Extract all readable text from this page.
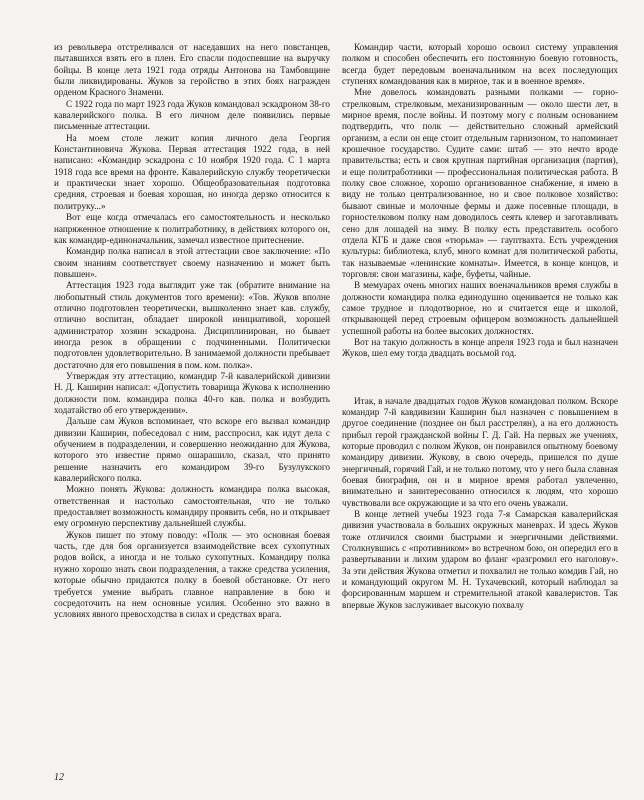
из револьвера отстреливался от наседавших на него повстанцев, пытавшихся взять его в плен. Его спасли подоспевшие на выручку бойцы. В конце лета 1921 года отряды Антонова на Тамбовщине были ликвидированы. Жуков за геройство в этих боях награжден орденом Красного Знамени.

С 1922 года по март 1923 года Жуков командовал эскадроном 38-го кавалерийского полка. В его личном деле появились первые письменные аттестации.

На моем столе лежит копия личного дела Георгия Константиновича Жукова. Первая аттестация 1922 года, в ней написано: «Командир эскадрона с 10 ноября 1920 года. С 1 марта 1918 года все время на фронте. Кавалерийскую службу теоретически и практически знает хорошо. Общеобразовательная подготовка средняя, строевая и боевая хорошая, но иногда дерзко относится к политруку...»

Вот еще когда отмечалась его самостоятельность и несколько напряженное отношение к политработнику, в действиях которого он, как командир-единоначальник, замечал известное притеснение.

Командир полка написал в этой аттестации свое заключение: «По своим знаниям соответствует своему назначению и может быть повышен».

Аттестация 1923 года выглядит уже так (обратите внимание на любопытный стиль документов того времени): «Тов. Жуков вполне отлично подготовлен теоретически, вышколенно знает кав. службу, отлично воспитан, обладает широкой инициативой, хорошей администратор хозяин эскадрона. Дисциплинирован, но бывает иногда резок в обращении с подчиненными. Политически подготовлен удовлетворительно. В занимаемой должности пребывает достаточно для его повышения в пом. ком. полка».

Утверждая эту аттестацию, командир 7-й кавалерийской дивизии Н. Д. Каширин написал: «Допустить товарища Жукова к исполнению должности пом. командира полка 40-го кав. полка и возбудить ходатайство об его утверждении».

Дальше сам Жуков вспоминает, что вскоре его вызвал командир дивизии Каширин, побеседовал с ним, расспросил, как идут дела с обучением в подразделении, и совершенно неожиданно для Жукова, которого это известие прямо ошарашило, сказал, что принято решение назначить его командиром 39-го Бузулукского кавалерийского полка.

Можно понять Жукова: должность командира полка высокая, ответственная и настолько самостоятельная, что не только предоставляет возможность командиру проявить себя, но и открывает ему огромную перспективу дальнейшей службы.

Жуков пишет по этому поводу: «Полк — это основная боевая часть, где для боя организуется взаимодействие всех сухопутных родов войск, а иногда и не только сухопутных. Командиру полка нужно хорошо знать свои подразделения, а также средства усиления, которые обычно придаются полку в боевой обстановке. От него требуется умение выбрать главное направление в бою и сосредоточить на нем основные усилия. Особенно это важно в условиях явного превосходства в силах и средствах врага.

Командир части, который хорошо освоил систему управления полком и способен обеспечить его постоянную боевую готовность, всегда будет передовым военачальником на всех последующих ступенях командования как в мирное, так и в военное время».

Мне довелось командовать разными полками — горно-стрелковым, стрелковым, механизированным — около шести лет, в мирное время, после войны. И поэтому могу с полным основанием подтвердить, что полк — действительно сложный армейский организм, а если он еще стоит отдельным гарнизоном, то напоминает крошечное государство. Судите сами: штаб — это нечто вроде правительства; есть и своя крупная партийная организация (партия), и еще политработники — профессиональная политическая работа. В полку свое сложное, хорошо организованное снабжение, я имею в виду не только централизованное, но и свое полковое хозяйство: бывают свиные и молочные фермы и даже посевные площади, в горностелковом полку нам доводилось сеять клевер и заготавливать сено для лошадей на зиму. В полку есть представитель особого отдела КГБ и даже своя «тюрьма» — гауптвахта. Есть учреждения культуры: библиотека, клуб, много комнат для политической работы, так называемые «ленинские комнаты». Имеется, в конце концов, и торговля: свои магазины, кафе, буфеты, чайные.

В мемуарах очень многих наших военачальников время службы в должности командира полка единодушно оценивается не только как самое трудное и плодотворное, но и считается еще и школой, открывающей перед строевым офицером возможность дальнейшей успешной работы на более высоких должностях.

Вот на такую должность в конце апреля 1923 года и был назначен Жуков, шел ему тогда двадцать восьмой год.

Итак, в начале двадцатых годов Жуков командовал полком. Вскоре командир 7-й кавдивизии Каширин был назначен с повышением в другое соединение (позднее он был расстрелян), а на его должность прибыл герой гражданской войны Г. Д. Гай. На первых же учениях, которые проводил с полком Жуков, он понравился опытному боевому командиру дивизии. Жукову, в свою очередь, пришелся по душе энергичный, горячий Гай, и не только потому, что у него была славная боевая биография, он и в мирное время работал увлеченно, внимательно и заинтересованно относился к людям, что хорошо чувствовали все окружающие и за что его очень уважали.

В конце летней учебы 1923 года 7-я Самарская кавалерийская дивизия участвовала в больших окружных маневрах. И здесь Жуков тоже отличился своими быстрыми и энергичными действиями. Столкнувшись с «противником» во встречном бою, он опередил его в развертывании и лихим ударом во фланг «разгромил его наголову». За эти действия Жукова отметил и похвалил не только комдив Гай, но и командующий округом М. Н. Тухачевский, который наблюдал за форсированным маршем и стремительной атакой кавалеристов. Так впервые Жуков заслуживает высокую похвалу

12
